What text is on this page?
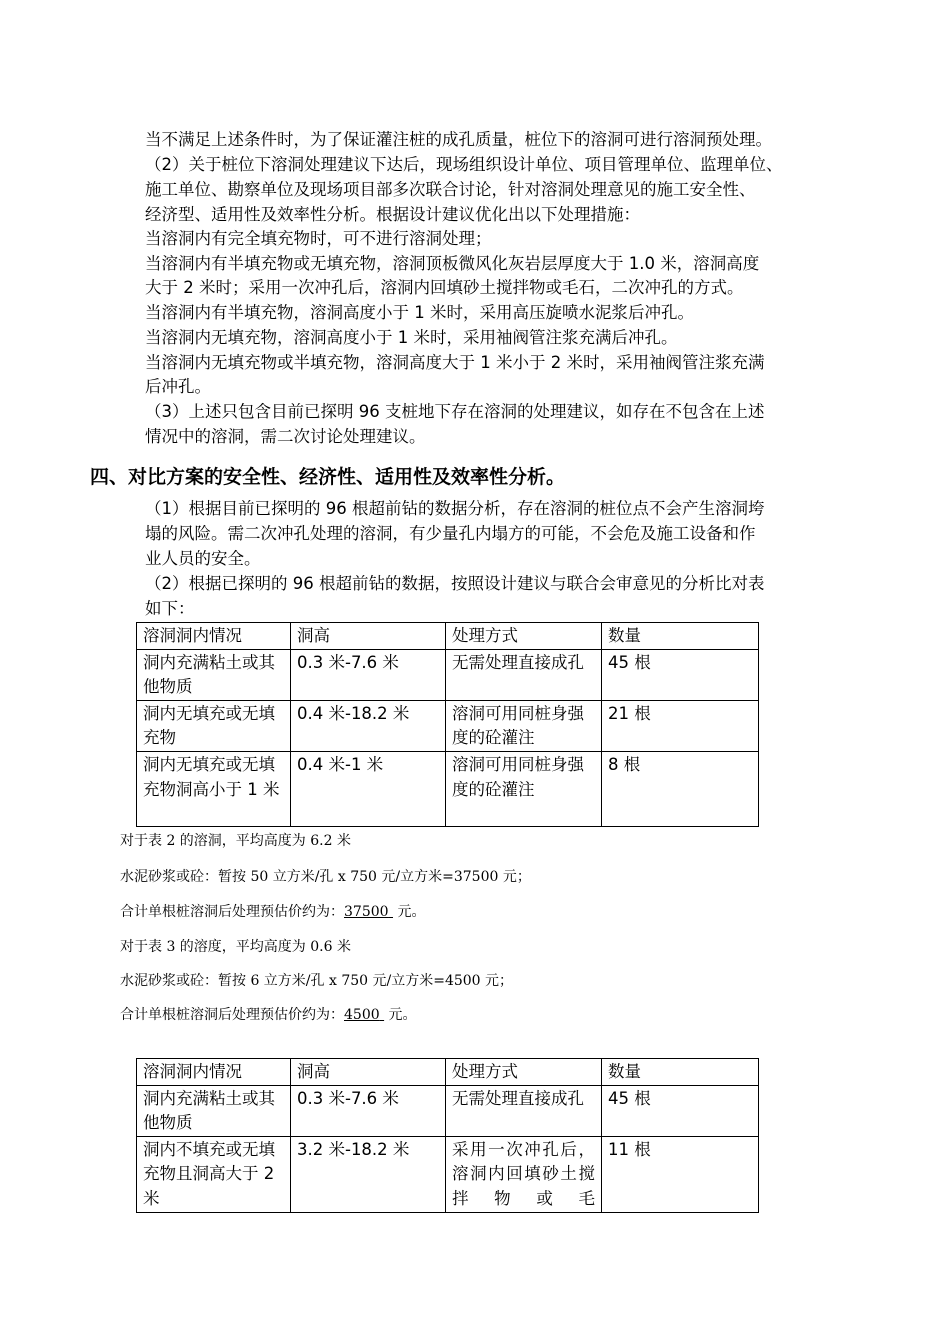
当不满足上述条件时，为了保证灌注桩的成孔质量，桩位下的溶洞可进行溶洞预处理。
（2）关于桩位下溶洞处理建议下达后，现场组织设计单位、项目管理单位、监理单位、
施工单位、勘察单位及现场项目部多次联合讨论，针对溶洞处理意见的施工安全性、
经济型、适用性及效率性分析。根据设计建议优化出以下处理措施：
当溶洞内有完全填充物时，可不进行溶洞处理；
当溶洞内有半填充物或无填充物，溶洞顶板微风化灰岩层厚度大于 1.0 米，溶洞高度
大于 2 米时；采用一次冲孔后，溶洞内回填砂土搅拌物或毛石，二次冲孔的方式。
当溶洞内有半填充物，溶洞高度小于 1 米时，采用高压旋喷水泥浆后冲孔。
当溶洞内无填充物，溶洞高度小于 1 米时，采用袖阀管注浆充满后冲孔。
当溶洞内无填充物或半填充物，溶洞高度大于 1 米小于 2 米时，采用袖阀管注浆充满
后冲孔。
（3）上述只包含目前已探明 96 支桩地下存在溶洞的处理建议，如存在不包含在上述
情况中的溶洞，需二次讨论处理建议。
四、对比方案的安全性、经济性、适用性及效率性分析。
（1）根据目前已探明的 96 根超前钻的数据分析，存在溶洞的桩位点不会产生溶洞垮
塌的风险。需二次冲孔处理的溶洞，有少量孔内塌方的可能，不会危及施工设备和作
业人员的安全。
（2）根据已探明的 96 根超前钻的数据，按照设计建议与联合会审意见的分析比对表
如下：
溶洞洞内情况	洞高	处理方式	数量
洞内充满粘土或其他物质	0.3 米-7.6 米	无需处理直接成孔	45 根
洞内无填充或无填充物	0.4 米-18.2 米	溶洞可用同桩身强度的砼灌注	21 根
洞内无填充或无填充物洞高小于 1 米	0.4 米-1 米	溶洞可用同桩身强度的砼灌注	8 根
对于表 2 的溶洞，平均高度为 6.2 米
水泥砂浆或砼：暂按 50 立方米/孔 x 750 元/立方米=37500 元；
合计单根桩溶洞后处理预估价约为：37500  元。
对于表 3 的溶度，平均高度为 0.6 米
水泥砂浆或砼：暂按 6 立方米/孔 x 750 元/立方米=4500 元；
合计单根桩溶洞后处理预估价约为：4500  元。
溶洞洞内情况	洞高	处理方式	数量
洞内充满粘土或其他物质	0.3 米-7.6 米	无需处理直接成孔	45 根
洞内不填充或无填充物且洞高大于 2 米	3.2 米-18.2 米	采用一次冲孔后，溶洞内回填砂土搅拌物或毛	11 根
